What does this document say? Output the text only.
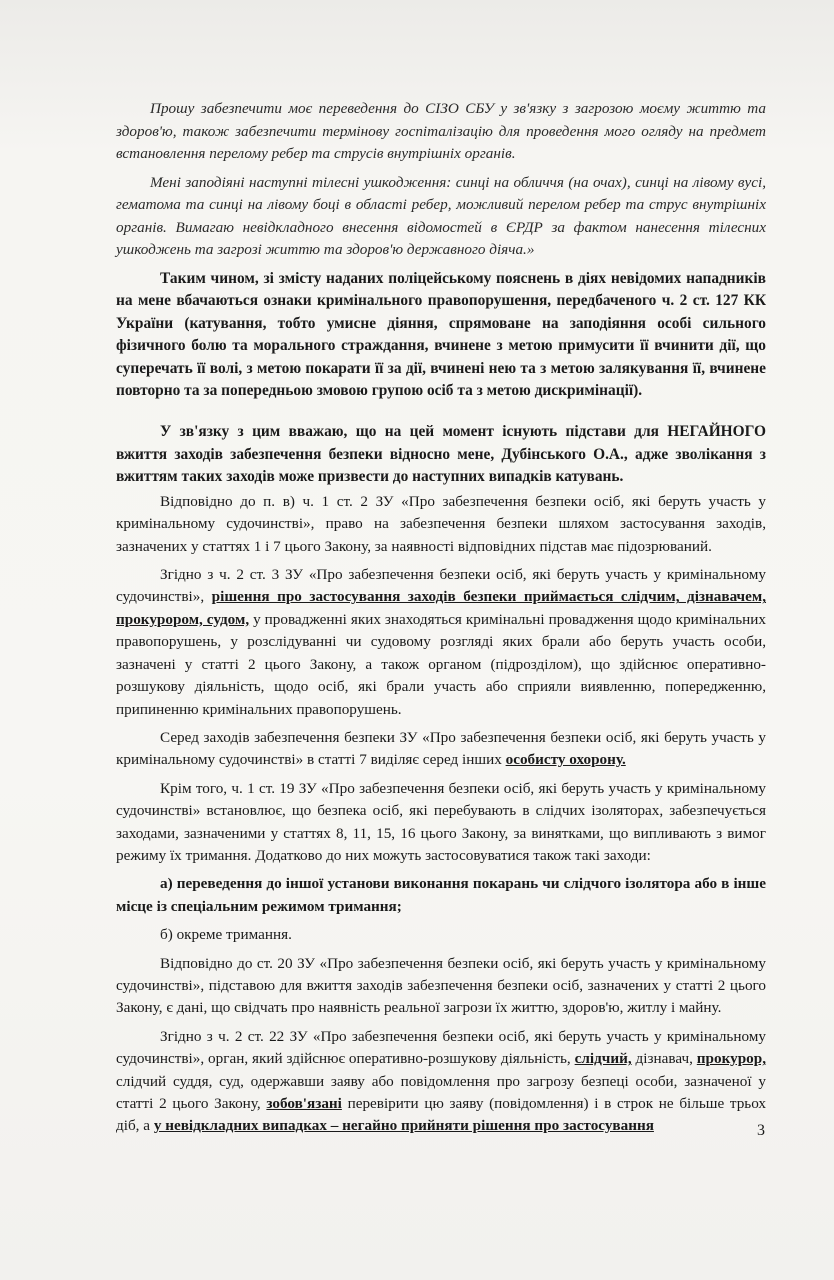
Прошу забезпечити моє переведення до СІЗО СБУ у зв'язку з загрозою моєму життю та здоров'ю, також забезпечити термінову госпіталізацію для проведення мого огляду на предмет встановлення перелому ребер та струсів внутрішніх органів.

Мені заподіяні наступні тілесні ушкодження: синці на обличчя (на очах), синці на лівому вусі, гематома та синці на лівому боці в області ребер, можливий перелом ребер та струс внутрішніх органів. Вимагаю невідкладного внесення відомостей в ЄРДР за фактом нанесення тілесних ушкоджень та загрозі життю та здоров'ю державного діяча.»

Таким чином, зі змісту наданих поліцейському пояснень в діях невідомих нападників на мене вбачаються ознаки кримінального правопорушення, передбаченого ч. 2 ст. 127 КК України (катування, тобто умисне діяння, спрямоване на заподіяння особі сильного фізичного болю та морального страждання, вчинене з метою примусити її вчинити дії, що суперечать її волі, з метою покарати її за дії, вчинені нею та з метою залякування її, вчинене повторно та за попередньою змовою групою осіб та з метою дискримінації).

У зв'язку з цим вважаю, що на цей момент існують підстави для НЕГАЙНОГО вжиття заходів забезпечення безпеки відносно мене, Дубінського О.А., адже зволікання з вжиттям таких заходів може призвести до наступних випадків катувань.

Відповідно до п. в) ч. 1 ст. 2 ЗУ «Про забезпечення безпеки осіб, які беруть участь у кримінальному судочинстві», право на забезпечення безпеки шляхом застосування заходів, зазначених у статтях 1 і 7 цього Закону, за наявності відповідних підстав має підозрюваний.

Згідно з ч. 2 ст. 3 ЗУ «Про забезпечення безпеки осіб, які беруть участь у кримінальному судочинстві», рішення про застосування заходів безпеки приймається слідчим, дізнавачем, прокурором, судом, у провадженні яких знаходяться кримінальні провадження щодо кримінальних правопорушень, у розслідуванні чи судовому розгляді яких брали або беруть участь особи, зазначені у статті 2 цього Закону, а також органом (підрозділом), що здійснює оперативно-розшукову діяльність, щодо осіб, які брали участь або сприяли виявленню, попередженню, припиненню кримінальних правопорушень.

Серед заходів забезпечення безпеки ЗУ «Про забезпечення безпеки осіб, які беруть участь у кримінальному судочинстві» в статті 7 виділяє серед інших особисту охорону.

Крім того, ч. 1 ст. 19 ЗУ «Про забезпечення безпеки осіб, які беруть участь у кримінальному судочинстві» встановлює, що безпека осіб, які перебувають в слідчих ізоляторах, забезпечується заходами, зазначеними у статтях 8, 11, 15, 16 цього Закону, за винятками, що випливають з вимог режиму їх тримання. Додатково до них можуть застосовуватися також такі заходи:

а) переведення до іншої установи виконання покарань чи слідчого ізолятора або в інше місце із спеціальним режимом тримання;

б) окреме тримання.

Відповідно до ст. 20 ЗУ «Про забезпечення безпеки осіб, які беруть участь у кримінальному судочинстві», підставою для вжиття заходів забезпечення безпеки осіб, зазначених у статті 2 цього Закону, є дані, що свідчать про наявність реальної загрози їх життю, здоров'ю, житлу і майну.

Згідно з ч. 2 ст. 22 ЗУ «Про забезпечення безпеки осіб, які беруть участь у кримінальному судочинстві», орган, який здійснює оперативно-розшукову діяльність, слідчий, дізнавач, прокурор, слідчий суддя, суд, одержавши заяву або повідомлення про загрозу безпеці особи, зазначеної у статті 2 цього Закону, зобов'язані перевірити цю заяву (повідомлення) і в строк не більше трьох діб, а у невідкладних випадках – негайно прийняти рішення про застосування	3
